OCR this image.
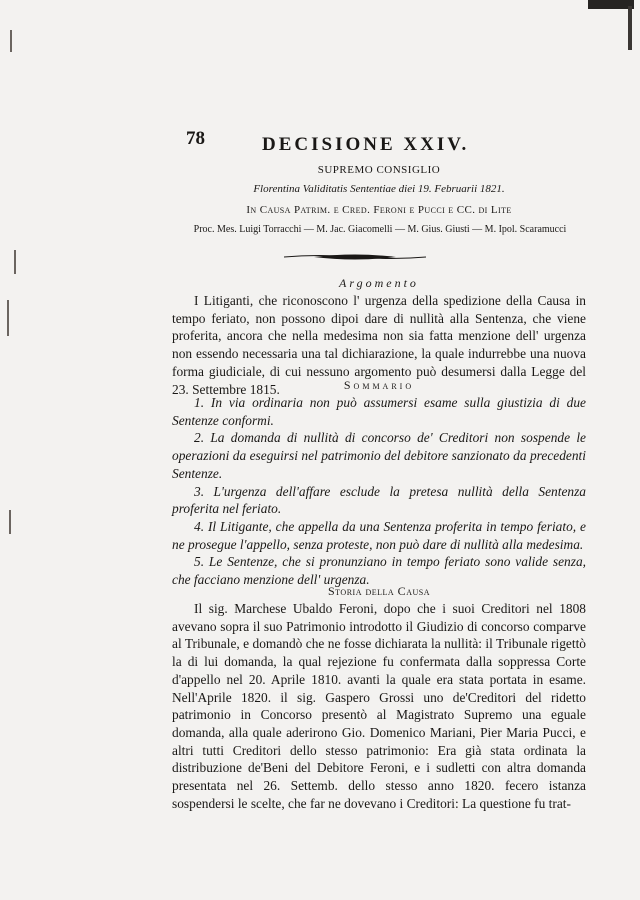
78	DECISIONE XXIV.
SUPREMO CONSIGLIO
Florentina Validitatis Sententiae diei 19. Februarii 1821.
In Causa Patrim. e Cred. Feroni e Pucci e CC. di Lite
Proc. Mes. Luigi Torracchi — M. Jac. Giacomelli — M. Gius. Giusti — M. Ipol. Scaramucci
Argomento

I Litiganti, che riconoscono l' urgenza della spedizione della Causa in tempo feriato, non possono dipoi dare di nullità alla Sentenza, che viene proferita, ancora che nella medesima non sia fatta menzione dell' urgenza non essendo necessaria una tal dichiarazione, la quale indurrebbe una nuova forma giudiciale, di cui nessuno argomento può desumersi dalla Legge del 23. Settembre 1815.	Sommario

1. In via ordinaria non può assumersi esame sulla giustizia di due Sentenze conformi.

2. La domanda di nullità di concorso de' Creditori non sospende le operazioni da eseguirsi nel patrimonio del debitore sanzionato da precedenti Sentenze.

3. L'urgenza dell'affare esclude la pretesa nullità della Sentenza proferita nel feriato.

4. Il Litigante, che appella da una Sentenza proferita in tempo feriato, e ne prosegue l'appello, senza proteste, non può dare di nullità alla medesima.

5. Le Sentenze, che si pronunziano in tempo feriato sono valide senza, che facciano menzione dell' urgenza.

Storia della Causa

Il sig. Marchese Ubaldo Feroni, dopo che i suoi Creditori nel 1808 avevano sopra il suo Patrimonio introdotto il Giudizio di concorso comparve al Tribunale, e domandò che ne fosse dichiarata la nullità: il Tribunale rigettò la di lui domanda, la qual rejezione fu confermata dalla soppressa Corte d'appello nel 20. Aprile 1810. avanti la quale era stata portata in esame. Nell'Aprile 1820. il sig. Gaspero Grossi uno de'Creditori del ridetto patrimonio in Concorso presentò al Magistrato Supremo una eguale domanda, alla quale aderirono Gio. Domenico Mariani, Pier Maria Pucci, e altri tutti Creditori dello stesso patrimonio: Era già stata ordinata la distribuzione de'Beni del Debitore Feroni, e i sudletti con altra domanda presentata nel 26. Settemb. dello stesso anno 1820. fecero istanza sospendersi le scelte, che far ne dovevano i Creditori: La questione fu trat-
